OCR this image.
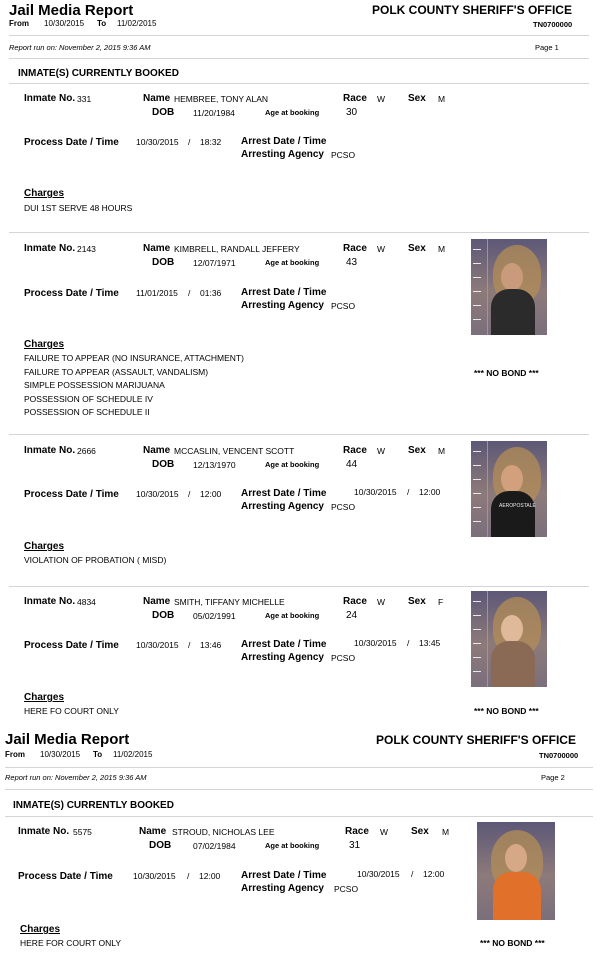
Jail Media Report	POLK COUNTY SHERIFF'S OFFICE
From 10/30/2015 To 11/02/2015	TN0700000
Report run on: November 2, 2015 9:36 AM	Page 1
INMATE(S) CURRENTLY BOOKED
Inmate No. 331	Name HEMBREE, TONY ALAN	Race W Sex M
DOB 11/20/1984	Age at booking	30
Process Date / Time 10/30/2015 / 18:32 Arrest Date / Time
Arresting Agency PCSO
Charges
DUI 1ST SERVE 48 HOURS
Inmate No. 2143	Name KIMBRELL, RANDALL JEFFERY	Race W Sex M
DOB 12/07/1971	Age at booking	43
Process Date / Time 11/01/2015 / 01:36 Arrest Date / Time
Arresting Agency PCSO
Charges
FAILURE TO APPEAR (NO INSURANCE, ATTACHMENT)
FAILURE TO APPEAR (ASSAULT, VANDALISM)
SIMPLE POSSESSION MARIJUANA
POSSESSION OF SCHEDULE IV
POSSESSION OF SCHEDULE II
*** NO BOND ***
Inmate No. 2666	Name MCCASLIN, VENCENT SCOTT	Race W Sex M
DOB 12/13/1970	Age at booking	44
Process Date / Time 10/30/2015 / 12:00 Arrest Date / Time	10/30/2015 / 12:00
Arresting Agency PCSO
Charges
VIOLATION OF PROBATION ( MISD)
AEROPOSTALE
Inmate No. 4834	Name SMITH, TIFFANY MICHELLE	Race W Sex F
DOB 05/02/1991	Age at booking	24
Process Date / Time 10/30/2015 / 13:46 Arrest Date / Time	10/30/2015 / 13:45
Arresting Agency PCSO
Charges
HERE FO COURT ONLY	*** NO BOND ***
Jail Media Report	POLK COUNTY SHERIFF'S OFFICE
From 10/30/2015 To 11/02/2015	TN0700000
Report run on: November 2, 2015 9:36 AM	Page 2
INMATE(S) CURRENTLY BOOKED
Inmate No. 5575	Name STROUD, NICHOLAS LEE	Race W Sex M
DOB	07/02/1984	Age at booking	31
Process Date / Time 10/30/2015 / 12:00 Arrest Date / Time	10/30/2015 / 12:00
Arresting Agency PCSO
Charges
HERE FOR COURT ONLY	*** NO BOND ***
